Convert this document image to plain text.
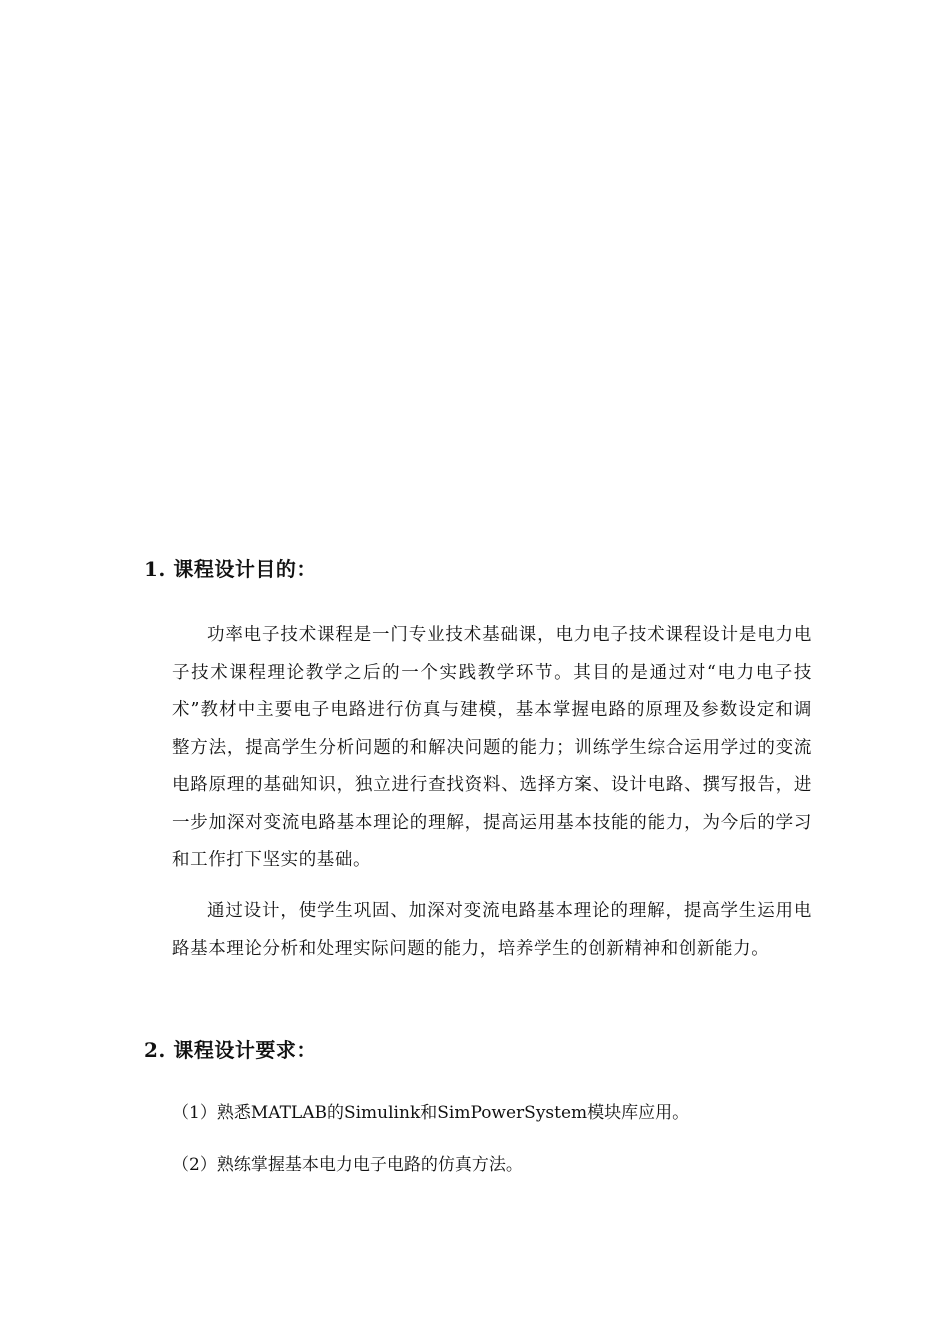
1. 课程设计目的：

功率电子技术课程是一门专业技术基础课，电力电子技术课程设计是电力电子技术课程理论教学之后的一个实践教学环节。其目的是通过对“电力电子技术”教材中主要电子电路进行仿真与建模，基本掌握电路的原理及参数设定和调整方法，提高学生分析问题的和解决问题的能力；训练学生综合运用学过的变流电路原理的基础知识，独立进行查找资料、选择方案、设计电路、撰写报告，进一步加深对变流电路基本理论的理解，提高运用基本技能的能力，为今后的学习和工作打下坚实的基础。

通过设计，使学生巩固、加深对变流电路基本理论的理解，提高学生运用电路基本理论分析和处理实际问题的能力，培养学生的创新精神和创新能力。

2. 课程设计要求：
（1）熟悉MATLAB的Simulink和SimPowerSystem模块库应用。
（2）熟练掌握基本电力电子电路的仿真方法。
